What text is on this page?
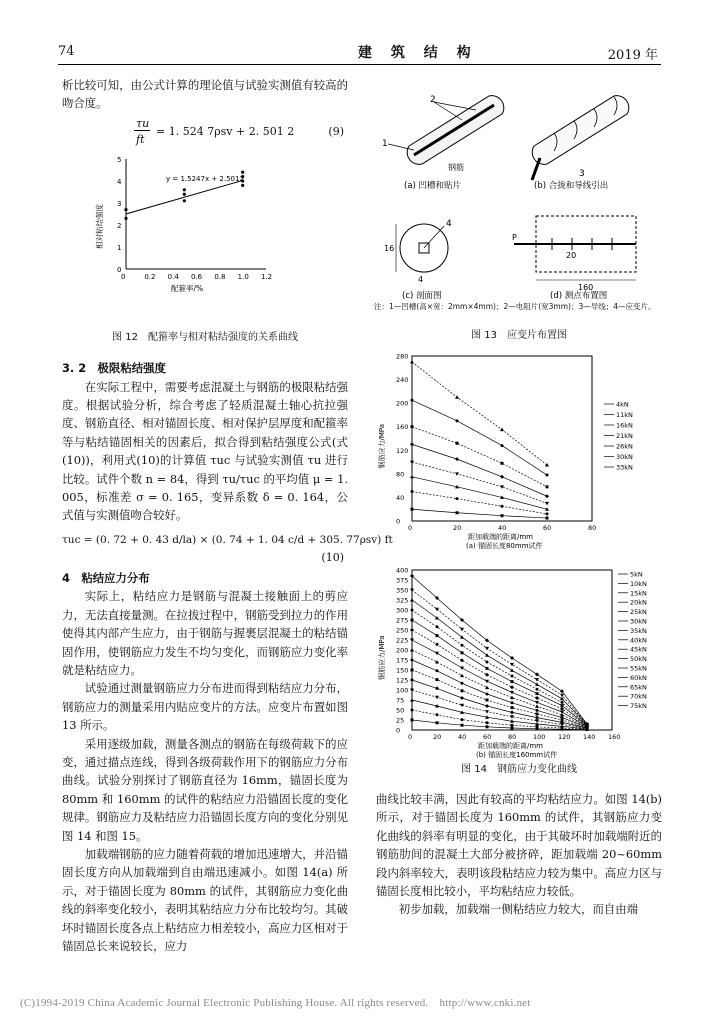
74	建 筑 结 构	2019 年

析比较可知，由公式计算的理论值与试验实测值有较高的吻合度。

τu
ft
= 1. 524 7ρsv + 2. 501 2	(9)
0	0.2 0.4 0.6 0.8 1.0 1.2
0
1
2
3
4
5
y = 1.5247x + 2.5012
配箍率/%
相对粘结强度

图 12　配箍率与相对粘结强度的关系曲线

3. 2　极限粘结强度

在实际工程中，需要考虑混凝土与钢筋的极限粘结强度。根据试验分析，综合考虑了轻质混凝土轴心抗拉强度、钢筋直径、相对锚固长度、相对保护层厚度和配箍率等与粘结锚固相关的因素后，拟合得到粘结强度公式(式(10))，利用式(10)的计算值 τuc 与试验实测值 τu 进行比较。试件个数 n = 84，得到 τu/τuc 的平均值 μ = 1. 005，标准差 σ = 0. 165，变异系数 δ = 0. 164，公式值与实测值吻合较好。

τuc = (0. 72 + 0. 43 d/la) × (0. 74 + 1. 04 c/d + 305. 77ρsv) ft
(10)

4　粘结应力分布

实际上，粘结应力是钢筋与混凝土接触面上的剪应力，无法直接量测。在拉拔过程中，钢筋受到拉力的作用使得其内部产生应力，由于钢筋与握裹层混凝土的粘结锚固作用，使钢筋应力发生不均匀变化，而钢筋应力变化率就是粘结应力。

试验通过测量钢筋应力分布进而得到粘结应力分布，钢筋应力的测量采用内贴应变片的方法。应变片布置如图 13 所示。

采用逐级加载，测量各测点的钢筋在每级荷载下的应变，通过描点连线，得到各级荷载作用下的钢筋应力分布曲线。试验分别探讨了钢筋直径为 16mm，锚固长度为 80mm 和 160mm 的试件的粘结应力沿锚固长度的变化规律。钢筋应力及粘结应力沿锚固长度方向的变化分别见图 14 和图 15。

加载端钢筋的应力随着荷载的增加迅速增大，并沿锚固长度方向从加载端到自由端迅速减小。如图 14(a) 所示，对于锚固长度为 80mm 的试件，其钢筋应力变化曲线的斜率变化较小，表明其粘结应力分布比较均匀。其破坏时锚固长度各点上粘结应力相差较小，高应力区相对于锚固总长来说较长，应力

2
1
钢筋
(a) 凹槽和贴片
3
(b) 合拢和导线引出
4
16
4
(c) 剖面图
P
20
160
(d) 测点布置图
注：1—凹槽(高×宽：2mm×4mm)；2—电阻片(宽3mm)；3—导线；4—应变片。
图 13　应变片布置图
0	20	40	60	80
0
40
80
120
160
200
240
280
4kN
11kN
16kN
21kN
26kN
30kN
33kN
距加载端的距离/mm
(a) 锚固长度80mm试件
钢筋应力/MPa
0	20	40	60	80	100 120 140 160
0
25
50
75
100
125
150
175
200
225
250
275
300
325
350
375
400	5kN
10kN
15kN
20kN
25kN
30kN
35kN
40kN
45kN
50kN
55kN
60kN
65kN
70kN
75kN
距加载端的距离/mm
(b) 锚固长度160mm试件
钢筋应力/MPa
图 14　钢筋应力变化曲线

曲线比较丰满，因此有较高的平均粘结应力。如图 14(b) 所示，对于锚固长度为 160mm 的试件，其钢筋应力变化曲线的斜率有明显的变化，由于其破坏时加载端附近的钢筋肋间的混凝土大部分被挤碎，距加载端 20~60mm 段内斜率较大，表明该段粘结应力较为集中。高应力区与锚固长度相比较小，平均粘结应力较低。

初步加载，加载端一侧粘结应力较大，而自由端

(C)1994-2019 China Academic Journal Electronic Publishing House. All rights reserved.　http://www.cnki.net
